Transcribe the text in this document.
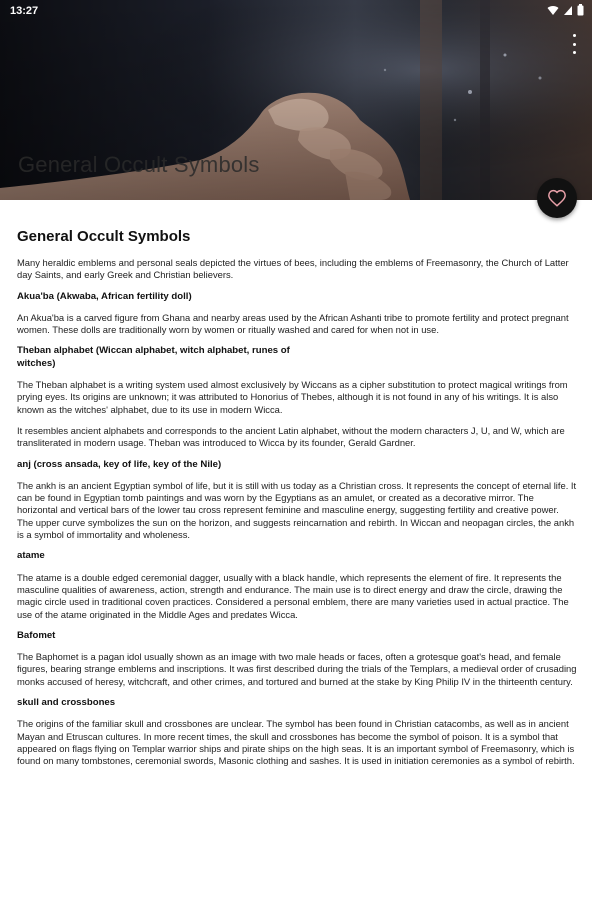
General Occult Symbols
13:27
General Occult Symbols

Many heraldic emblems and personal seals depicted the virtues of bees, including the emblems of Freemasonry, the Church of Latter day Saints, and early Greek and Christian believers.

Akua'ba (Akwaba, African fertility doll)

An Akua'ba is a carved figure from Ghana and nearby areas used by the African Ashanti tribe to promote fertility and protect pregnant women. These dolls are traditionally worn by women or ritually washed and cared for when not in use.

Theban alphabet (Wiccan alphabet, witch alphabet, runes of witches)

The Theban alphabet is a writing system used almost exclusively by Wiccans as a cipher substitution to protect magical writings from prying eyes. Its origins are unknown; it was attributed to Honorius of Thebes, although it is not found in any of his writings. It is also known as the witches' alphabet, due to its use in modern Wicca.

It resembles ancient alphabets and corresponds to the ancient Latin alphabet, without the modern characters J, U, and W, which are transliterated in modern usage. Theban was introduced to Wicca by its founder, Gerald Gardner.

anj (cross ansada, key of life, key of the Nile)

The ankh is an ancient Egyptian symbol of life, but it is still with us today as a Christian cross. It represents the concept of eternal life. It can be found in Egyptian tomb paintings and was worn by the Egyptians as an amulet, or created as a decorative mirror. The horizontal and vertical bars of the lower tau cross represent feminine and masculine energy, suggesting fertility and creative power. The upper curve symbolizes the sun on the horizon, and suggests reincarnation and rebirth. In Wiccan and neopagan circles, the ankh is a symbol of immortality and wholeness.

atame

The atame is a double edged ceremonial dagger, usually with a black handle, which represents the element of fire. It represents the masculine qualities of awareness, action, strength and endurance. The main use is to direct energy and draw the circle, drawing the magic circle used in traditional coven practices. Considered a personal emblem, there are many varieties used in actual practice. The use of the atame originated in the Middle Ages and predates Wicca.

Bafomet

The Baphomet is a pagan idol usually shown as an image with two male heads or faces, often a grotesque goat's head, and female figures, bearing strange emblems and inscriptions. It was first described during the trials of the Templars, a medieval order of crusading monks accused of heresy, witchcraft, and other crimes, and tortured and burned at the stake by King Philip IV in the thirteenth century.

skull and crossbones

The origins of the familiar skull and crossbones are unclear. The symbol has been found in Christian catacombs, as well as in ancient Mayan and Etruscan cultures. In more recent times, the skull and crossbones has become the symbol of poison. It is a symbol that appeared on flags flying on Templar warrior ships and pirate ships on the high seas. It is an important symbol of Freemasonry, which is found on many tombstones, ceremonial swords, Masonic clothing and sashes. It is used in initiation ceremonies as a symbol of rebirth.
